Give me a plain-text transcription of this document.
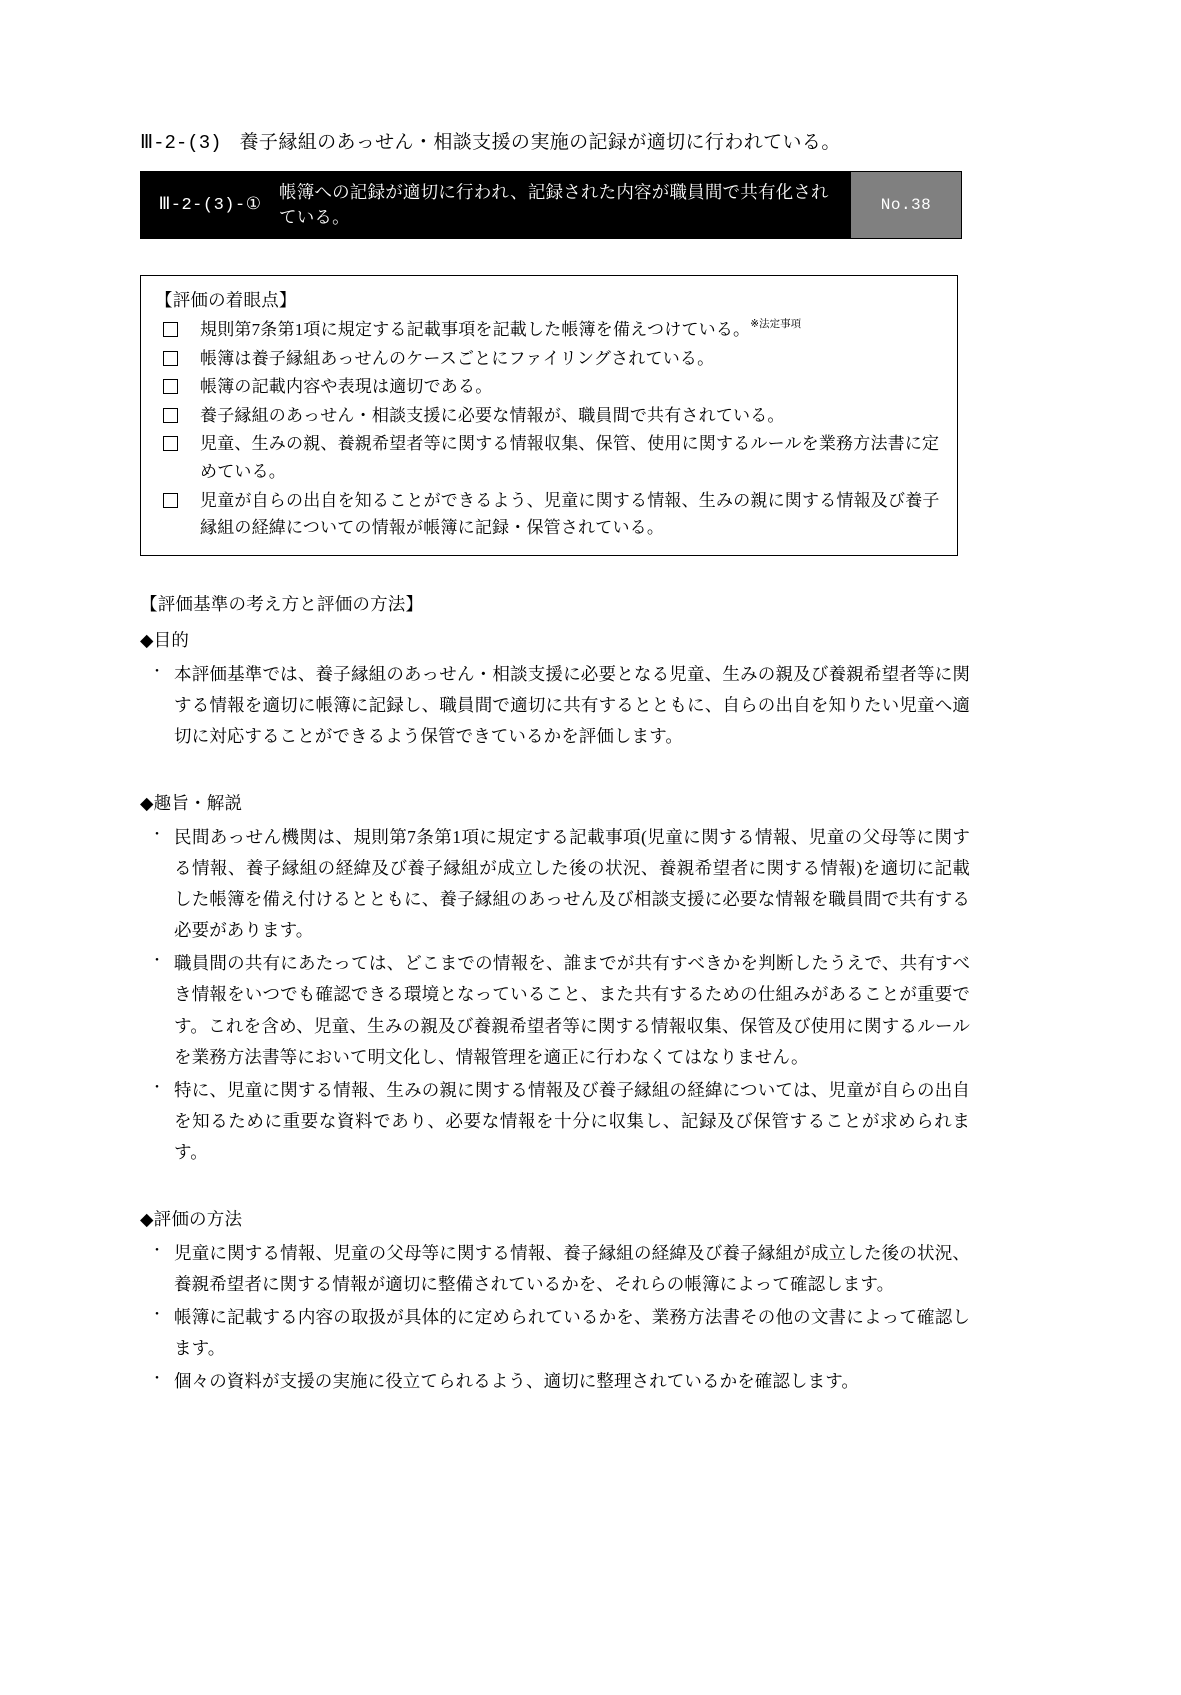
Ⅲ-2-(3) 養子縁組のあっせん・相談支援の実施の記録が適切に行われている。
Ⅲ-2-(3)-①
帳簿への記録が適切に行われ、記録された内容が職員間で共有化されている。
No.38
【評価の着眼点】
規則第7条第1項に規定する記載事項を記載した帳簿を備えつけている。$^{※法定事項}$
帳簿は養子縁組あっせんのケースごとにファイリングされている。
帳簿の記載内容や表現は適切である。
養子縁組のあっせん・相談支援に必要な情報が、職員間で共有されている。
児童、生みの親、養親希望者等に関する情報収集、保管、使用に関するルールを業務方法書に定めている。
児童が自らの出自を知ることができるよう、児童に関する情報、生みの親に関する情報及び養子縁組の経緯についての情報が帳簿に記録・保管されている。
【評価基準の考え方と評価の方法】
◆目的
・ 本評価基準では、養子縁組のあっせん・相談支援に必要となる児童、生みの親及び養親希望者等に関する情報を適切に帳簿に記録し、職員間で適切に共有するとともに、自らの出自を知りたい児童へ適切に対応することができるよう保管できているかを評価します。
◆趣旨・解説
・ 民間あっせん機関は、規則第7条第1項に規定する記載事項(児童に関する情報、児童の父母等に関する情報、養子縁組の経緯及び養子縁組が成立した後の状況、養親希望者に関する情報)を適切に記載した帳簿を備え付けるとともに、養子縁組のあっせん及び相談支援に必要な情報を職員間で共有する必要があります。
・ 職員間の共有にあたっては、どこまでの情報を、誰までが共有すべきかを判断したうえで、共有すべき情報をいつでも確認できる環境となっていること、また共有するための仕組みがあることが重要です。これを含め、児童、生みの親及び養親希望者等に関する情報収集、保管及び使用に関するルールを業務方法書等において明文化し、情報管理を適正に行わなくてはなりません。
・ 特に、児童に関する情報、生みの親に関する情報及び養子縁組の経緯については、児童が自らの出自を知るために重要な資料であり、必要な情報を十分に収集し、記録及び保管することが求められます。
◆評価の方法
・ 児童に関する情報、児童の父母等に関する情報、養子縁組の経緯及び養子縁組が成立した後の状況、養親希望者に関する情報が適切に整備されているかを、それらの帳簿によって確認します。
・ 帳簿に記載する内容の取扱が具体的に定められているかを、業務方法書その他の文書によって確認します。
・ 個々の資料が支援の実施に役立てられるよう、適切に整理されているかを確認します。
